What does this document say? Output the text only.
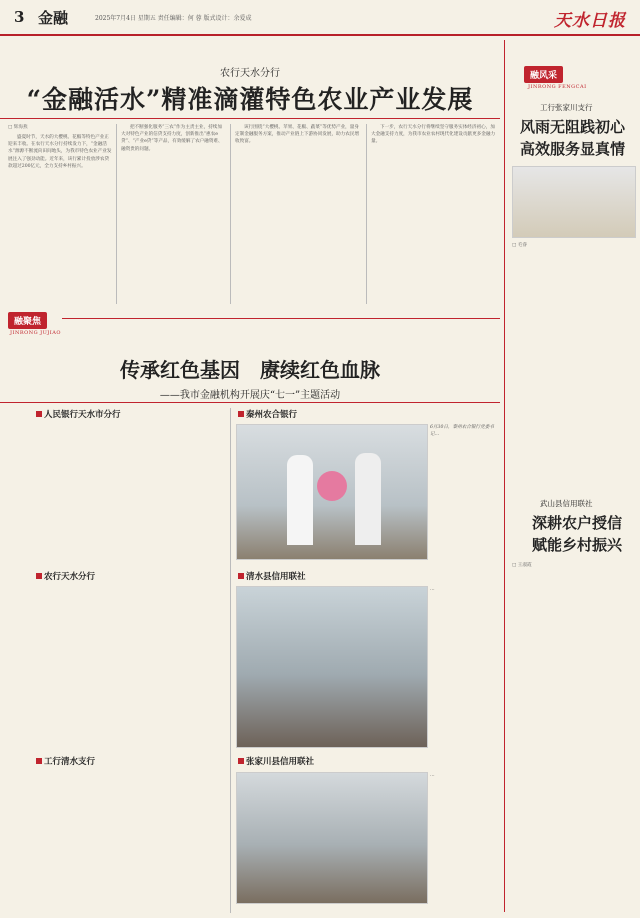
3 金融	2025年7月4日 星期五 责任编辑：何 蓉 版式设计：余爱成	天水日报
农行天水分行
“金融活水”精准滴灌特色农业产业发展
□ 辉海燕
盛夏时节，天水的大樱桃、花椒等特色产业正迎来丰收。在农行天水分行持续发力下，“金融活水”源源不断流向田间地头，为我市特色农业产业发展注入了强劲动能。近年来，该行累计投放涉农贷款超过200亿元，全力支持乡村振兴。
把不断强化服务“三农”作为主责主业，持续加大对特色产业的信贷支持力度，创新推出“惠农e贷”、“产业e贷”等产品，有效缓解了农户融资难、融资贵的问题。
该行围绕“大樱桃、苹果、花椒、蔬菜”等优势产业，量身定制金融服务方案，推动产业链上下游协同发展，助力农民增收致富。
下一步，农行天水分行将继续坚守服务实体经济初心，加大金融支持力度，为我市农业农村现代化建设贡献更多金融力量。
融聚焦
JINRONG JUJIAO
传承红色基因　赓续红色血脉
——我市金融机构开展庆“七一”主题活动
人民银行天水市分行
农行天水分行
工行清水支行
秦州农合银行
6月30日，秦州农合银行党委书记…
清水县信用联社
…
张家川县信用联社
…
融风采
JINRONG FENGCAI
工行张家川支行
风雨无阻践初心
高效服务显真情
□ 毛睿
武山县信用联社
深耕农户授信
赋能乡村振兴
□ 王淑霞
